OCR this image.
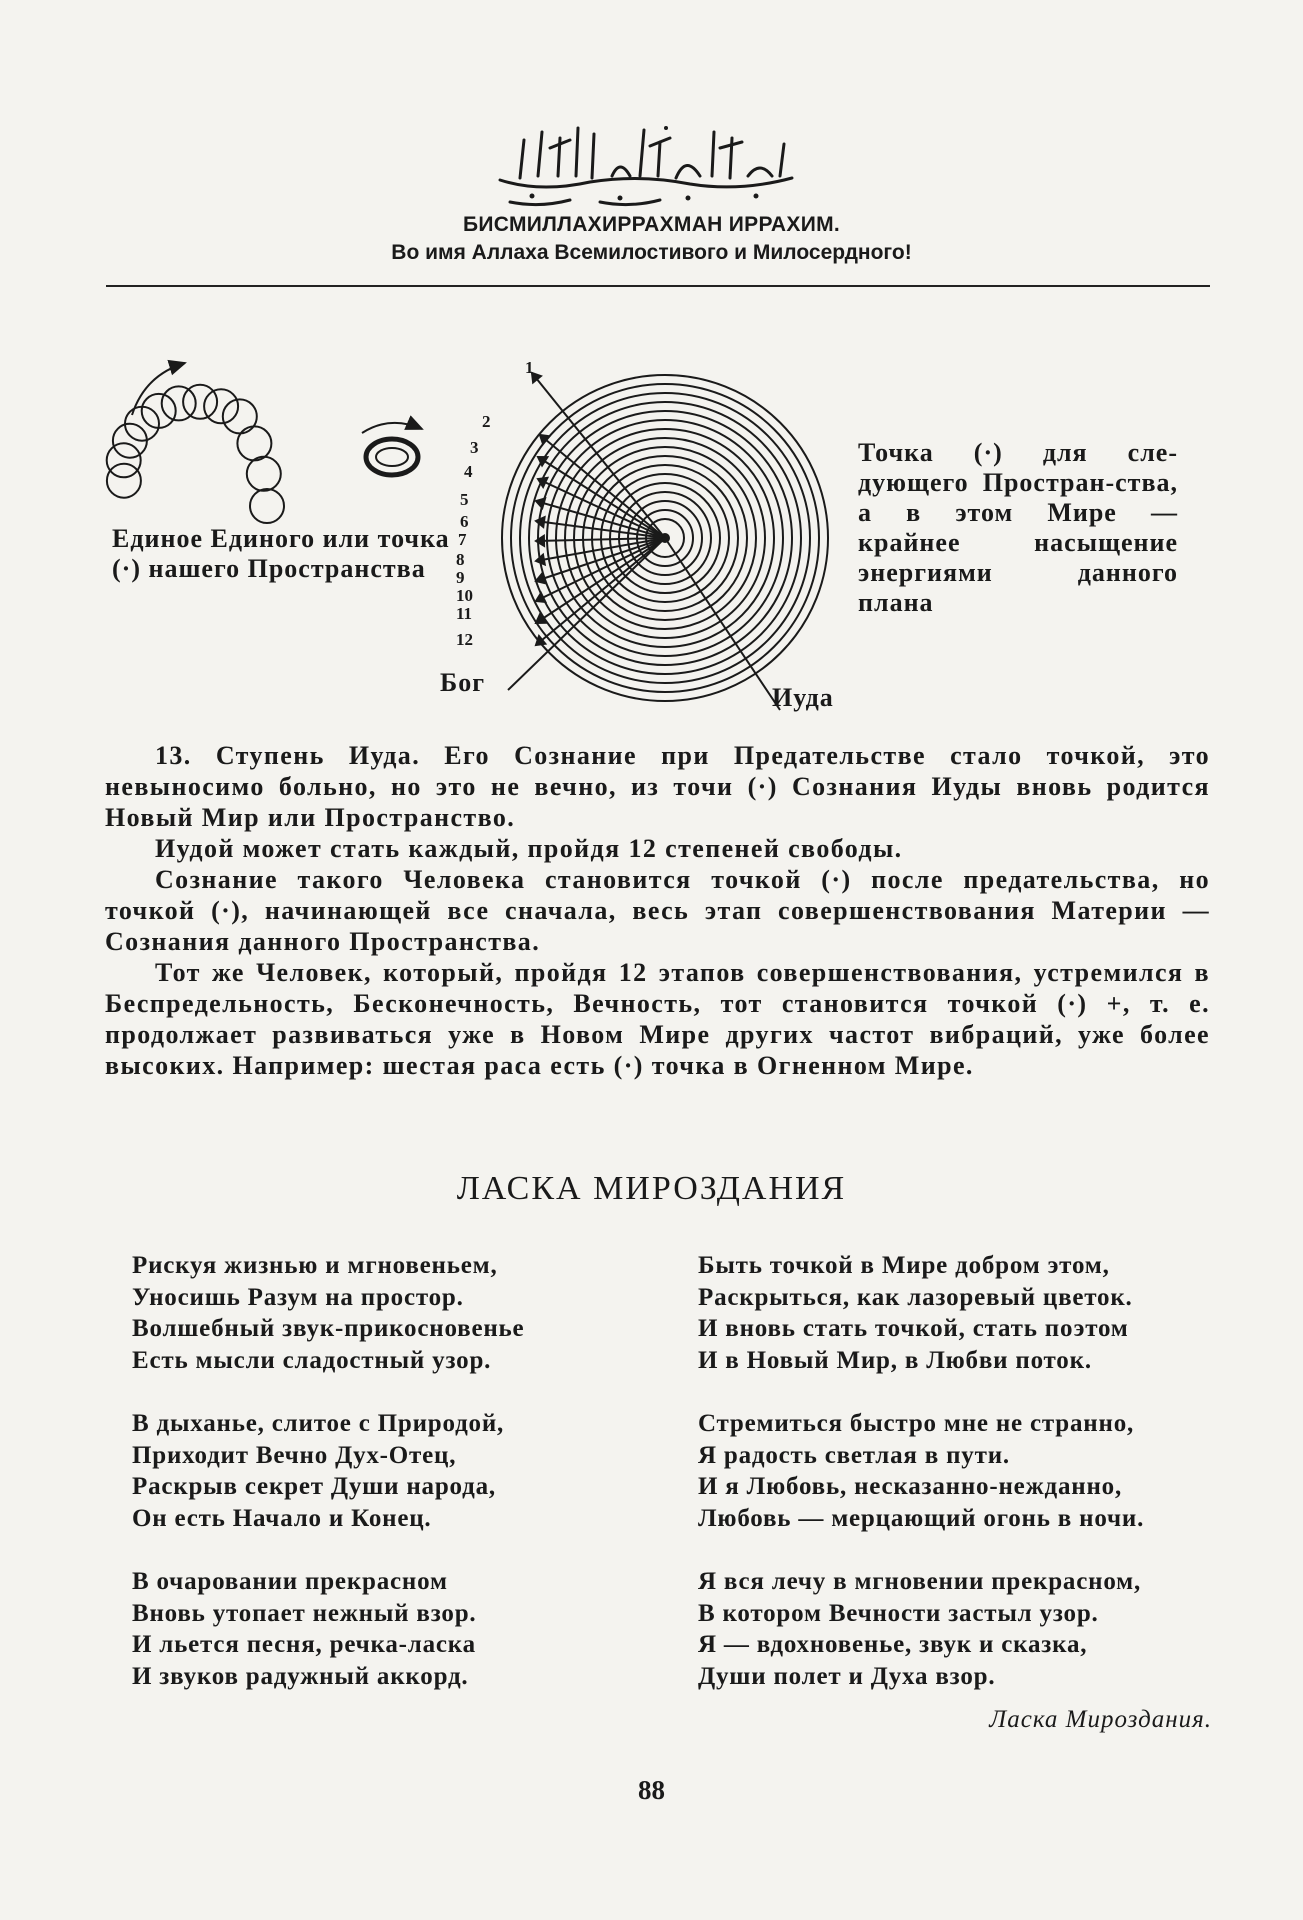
БИСМИЛЛАХИРРАХМАН ИРРАХИМ.
Во имя Аллаха Всемилостивого и Милосердного!
1
2
3
4
5
6
7
8
9
10
11
12
Единое Единого или точка (·) нашего Пространства
Точка (·) для сле-дующего Простран-ства, а в этом Мире — крайнее насыщение энергиями данного плана
Бог
Иуда

13. Ступень Иуда. Его Сознание при Предательстве стало точкой, это невыносимо больно, но это не вечно, из точи (·) Сознания Иуды вновь родится Новый Мир или Пространство.

Иудой может стать каждый, пройдя 12 степеней свободы.

Сознание такого Человека становится точкой (·) после предательства, но точкой (·), начинающей все сначала, весь этап совершенствования Материи — Сознания данного Пространства.

Тот же Человек, который, пройдя 12 этапов совершенствования, устремился в Беспредельность, Бесконечность, Вечность, тот становится точкой (·) +, т. е. продолжает развиваться уже в Новом Мире других частот вибраций, уже более высоких. Например: шестая раса есть (·) точка в Огненном Мире.

ЛАСКА МИРОЗДАНИЯ
Рискуя жизнью и мгновеньем,
Уносишь Разум на простор.
Волшебный звук-прикосновенье
Есть мысли сладостный узор.
В дыханье, слитое с Природой,
Приходит Вечно Дух-Отец,
Раскрыв секрет Души народа,
Он есть Начало и Конец.
В очаровании прекрасном
Вновь утопает нежный взор.
И льется песня, речка-ласка
И звуков радужный аккорд.
Быть точкой в Мире добром этом,
Раскрыться, как лазоревый цветок.
И вновь стать точкой, стать поэтом
И в Новый Мир, в Любви поток.
Стремиться быстро мне не странно,
Я радость светлая в пути.
И я Любовь, несказанно-нежданно,
Любовь — мерцающий огонь в ночи.
Я вся лечу в мгновении прекрасном,
В котором Вечности застыл узор.
Я — вдохновенье, звук и сказка,
Души полет и Духа взор.
Ласка Мироздания.
88
